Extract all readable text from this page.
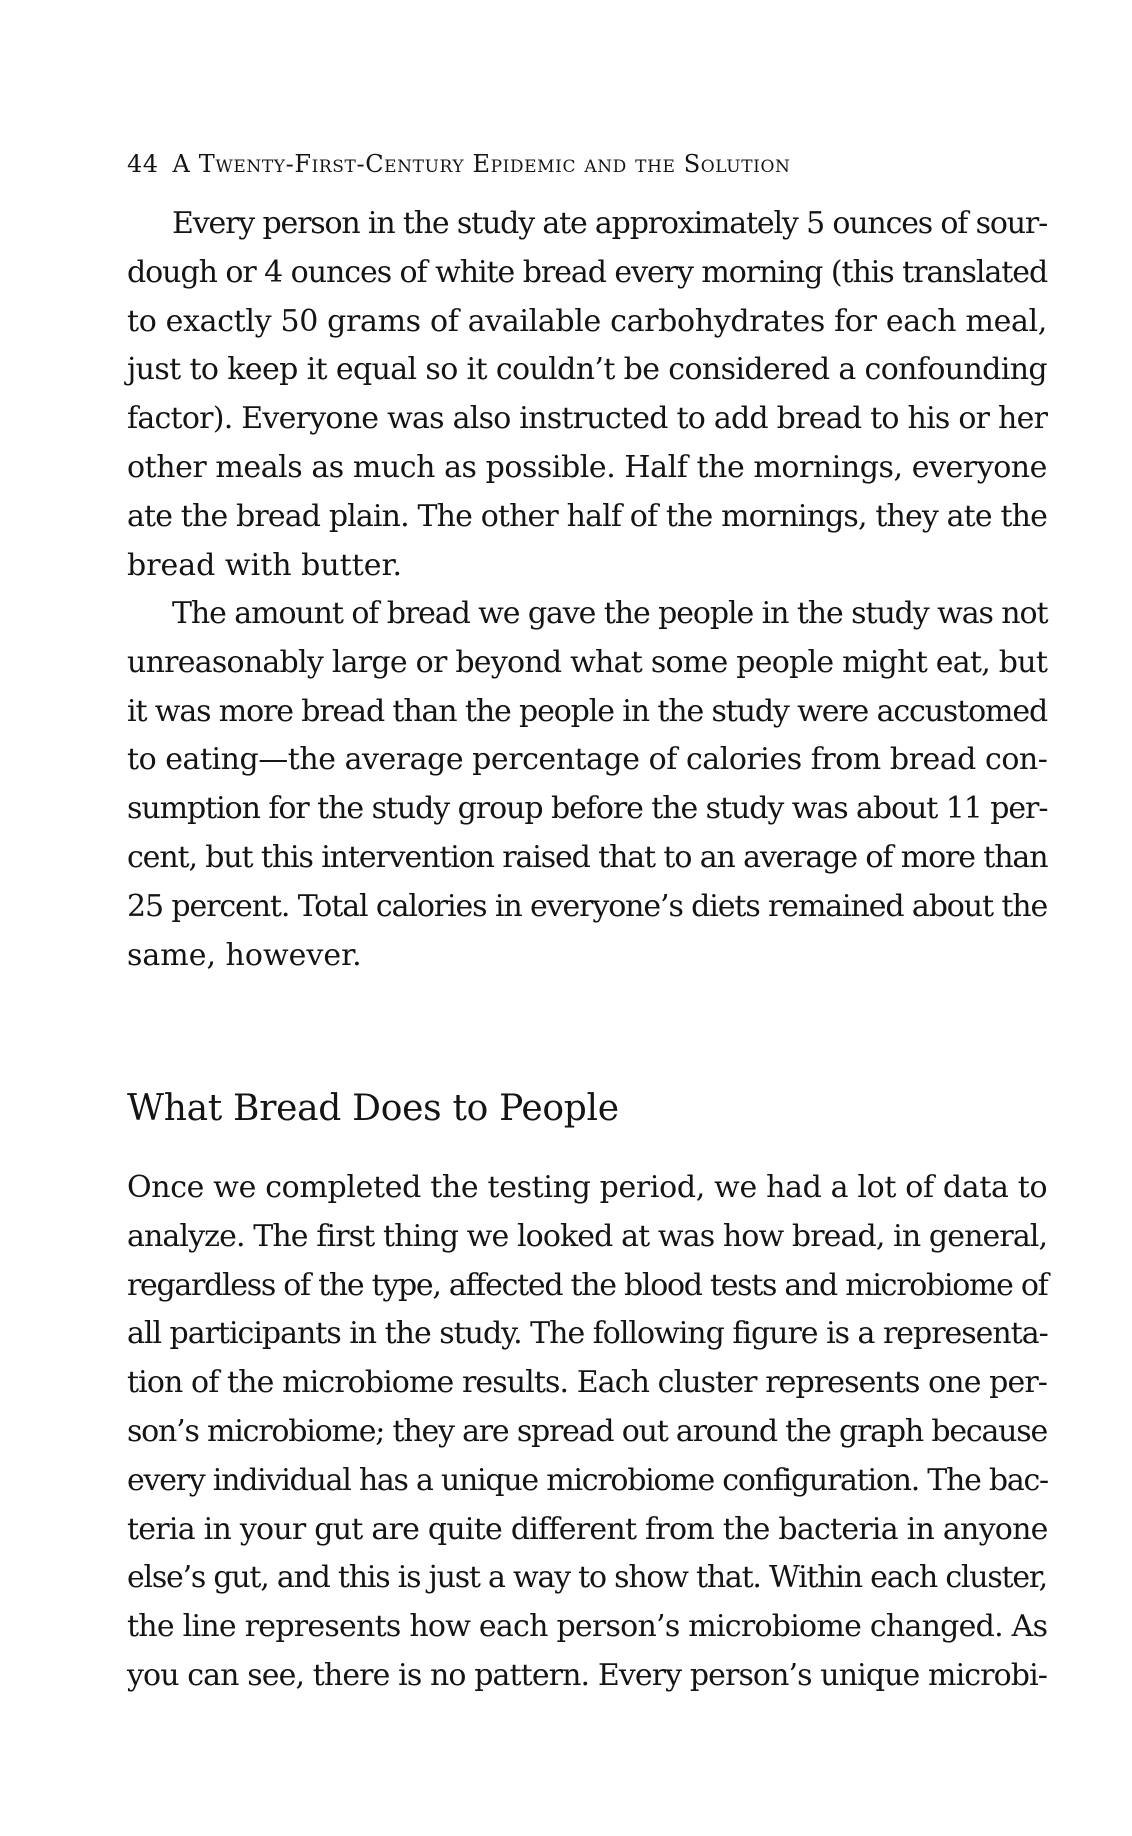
44 A Twenty-First-Century Epidemic and the Solution
Every person in the study ate approximately 5 ounces of sour-
dough or 4 ounces of white bread every morning (this translated
to exactly 50 grams of available carbohydrates for each meal,
just to keep it equal so it couldn’t be considered a confounding
factor). Everyone was also instructed to add bread to his or her
other meals as much as possible. Half the mornings, everyone
ate the bread plain. The other half of the mornings, they ate the
bread with butter.
The amount of bread we gave the people in the study was not
unreasonably large or beyond what some people might eat, but
it was more bread than the people in the study were accustomed
to eating—the average percentage of calories from bread con-
sumption for the study group before the study was about 11 per-
cent, but this intervention raised that to an average of more than
25 percent. Total calories in everyone’s diets remained about the
same, however.
What Bread Does to People
Once we completed the testing period, we had a lot of data to
analyze. The first thing we looked at was how bread, in general,
regardless of the type, affected the blood tests and microbiome of
all participants in the study. The following figure is a representa-
tion of the microbiome results. Each cluster represents one per-
son’s microbiome; they are spread out around the graph because
every individual has a unique microbiome configuration. The bac-
teria in your gut are quite different from the bacteria in anyone
else’s gut, and this is just a way to show that. Within each cluster,
the line represents how each person’s microbiome changed. As
you can see, there is no pattern. Every person’s unique microbi-
